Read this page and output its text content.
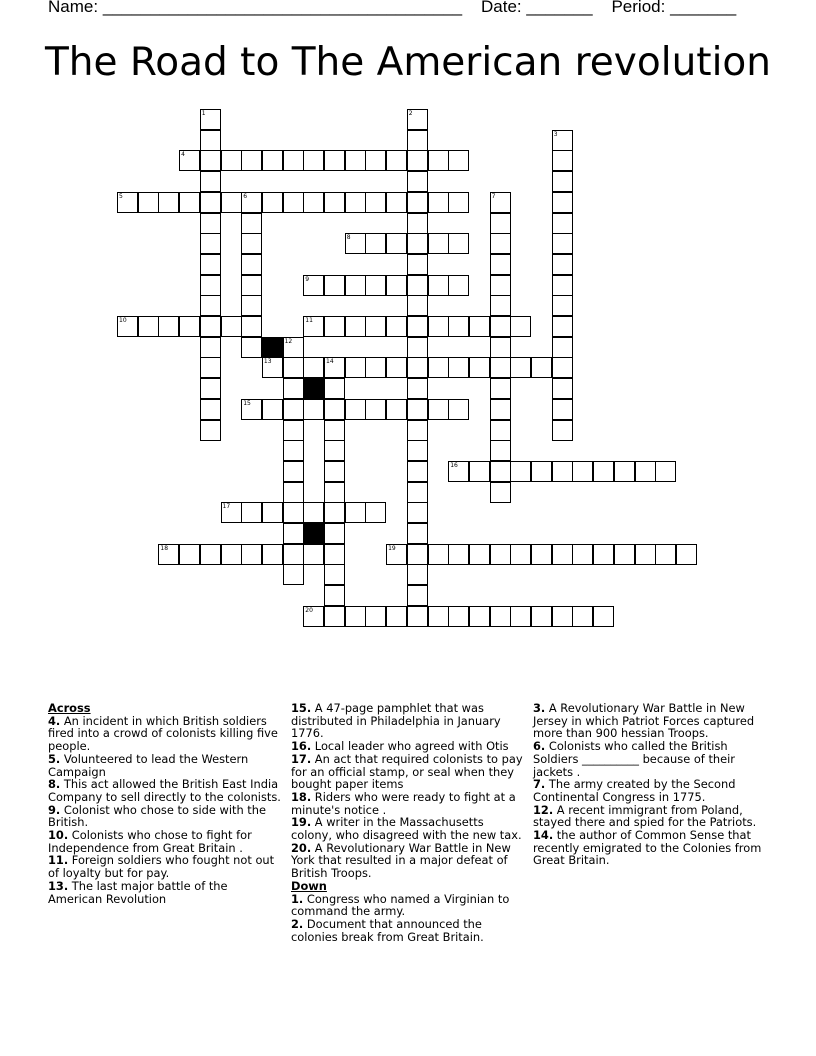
Name: ______________________________________ Date: _______ Period: _______
The Road to The American revolution
1	2
3
4
5	6	7
8
9
10	11
12
13	14
15
16
17
18	19
20
Across
4. An incident in which British soldiers fired into a crowd of colonists killing five people.
5. Volunteered to lead the Western Campaign
8. This act allowed the British East India Company to sell directly to the colonists.
9. Colonist who chose to side with the British.
10. Colonists who chose to fight for Independence from Great Britain .
11. Foreign soldiers who fought not out of loyalty but for pay.
13. The last major battle of the American Revolution
15. A 47-page pamphlet that was distributed in Philadelphia in January 1776.
16. Local leader who agreed with Otis
17. An act that required colonists to pay for an official stamp, or seal when they bought paper items
18. Riders who were ready to fight at a minute's notice .
19. A writer in the Massachusetts colony, who disagreed with the new tax.
20. A Revolutionary War Battle in New York that resulted in a major defeat of British Troops.
Down
1. Congress who named a Virginian to command the army.
2. Document that announced the colonies break from Great Britain.
3. A Revolutionary War Battle in New Jersey in which Patriot Forces captured more than 900 hessian Troops.
6. Colonists who called the British Soldiers __________ because of their jackets .
7. The army created by the Second Continental Congress in 1775.
12. A recent immigrant from Poland, stayed there and spied for the Patriots.
14. the author of Common Sense that recently emigrated to the Colonies from Great Britain.
